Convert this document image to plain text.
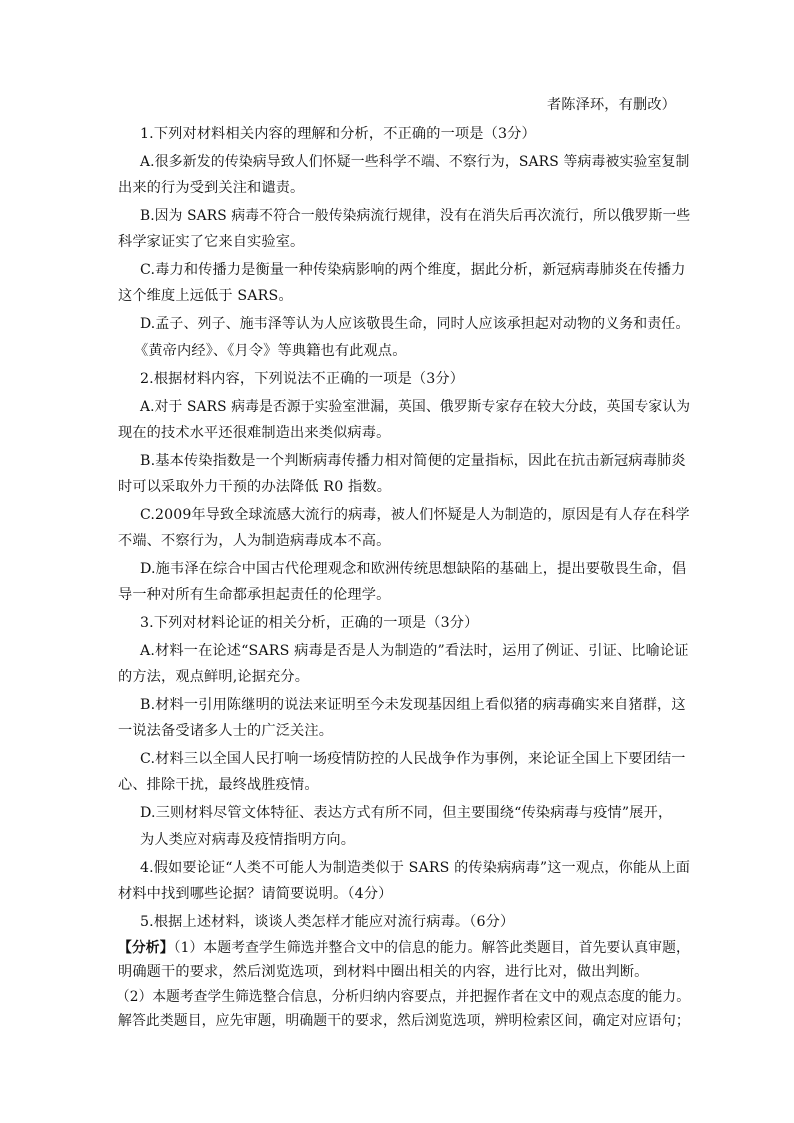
者陈泽环，有删改）
1.下列对材料相关内容的理解和分析，不正确的一项是（3分）
A.很多新发的传染病导致人们怀疑一些科学不端、不察行为，SARS 等病毒被实验室复制
出来的行为受到关注和谴责。
B.因为 SARS 病毒不符合一般传染病流行规律，没有在消失后再次流行，所以俄罗斯一些
科学家证实了它来自实验室。
C.毒力和传播力是衡量一种传染病影响的两个维度，据此分析，新冠病毒肺炎在传播力
这个维度上远低于 SARS。
D.孟子、列子、施韦泽等认为人应该敬畏生命，同时人应该承担起对动物的义务和责任。
《黄帝内经》、《月令》等典籍也有此观点。
2.根据材料内容，下列说法不正确的一项是（3分）
A.对于 SARS 病毒是否源于实验室泄漏，英国、俄罗斯专家存在较大分歧，英国专家认为
现在的技术水平还很难制造出来类似病毒。
B.基本传染指数是一个判断病毒传播力相对简便的定量指标，因此在抗击新冠病毒肺炎
时可以采取外力干预的办法降低 R0 指数。
C.2009年导致全球流感大流行的病毒，被人们怀疑是人为制造的，原因是有人存在科学
不端、不察行为，人为制造病毒成本不高。
D.施韦泽在综合中国古代伦理观念和欧洲传统思想缺陷的基础上，提出要敬畏生命，倡
导一种对所有生命都承担起责任的伦理学。
3.下列对材料论证的相关分析，正确的一项是（3分）
A.材料一在论述“SARS 病毒是否是人为制造的”看法时，运用了例证、引证、比喻论证
的方法，观点鲜明,论据充分。
B.材料一引用陈继明的说法来证明至今未发现基因组上看似猪的病毒确实来自猪群，这
一说法备受诸多人士的广泛关注。
C.材料三以全国人民打响一场疫情防控的人民战争作为事例，来论证全国上下要团结一
心、排除干扰，最终战胜疫情。
D.三则材料尽管文体特征、表达方式有所不同，但主要围绕“传染病毒与疫情”展开，
为人类应对病毒及疫情指明方向。
4.假如要论证“人类不可能人为制造类似于 SARS 的传染病病毒”这一观点，你能从上面
材料中找到哪些论据？请简要说明。（4分）
5.根据上述材料，谈谈人类怎样才能应对流行病毒。（6分）
【分析】（1）本题考查学生筛选并整合文中的信息的能力。解答此类题目，首先要认真审题，
明确题干的要求，然后浏览选项，到材料中圈出相关的内容，进行比对，做出判断。
（2）本题考查学生筛选整合信息，分析归纳内容要点，并把握作者在文中的观点态度的能力。
解答此类题目，应先审题，明确题干的要求，然后浏览选项，辨明检索区间，确定对应语句；
